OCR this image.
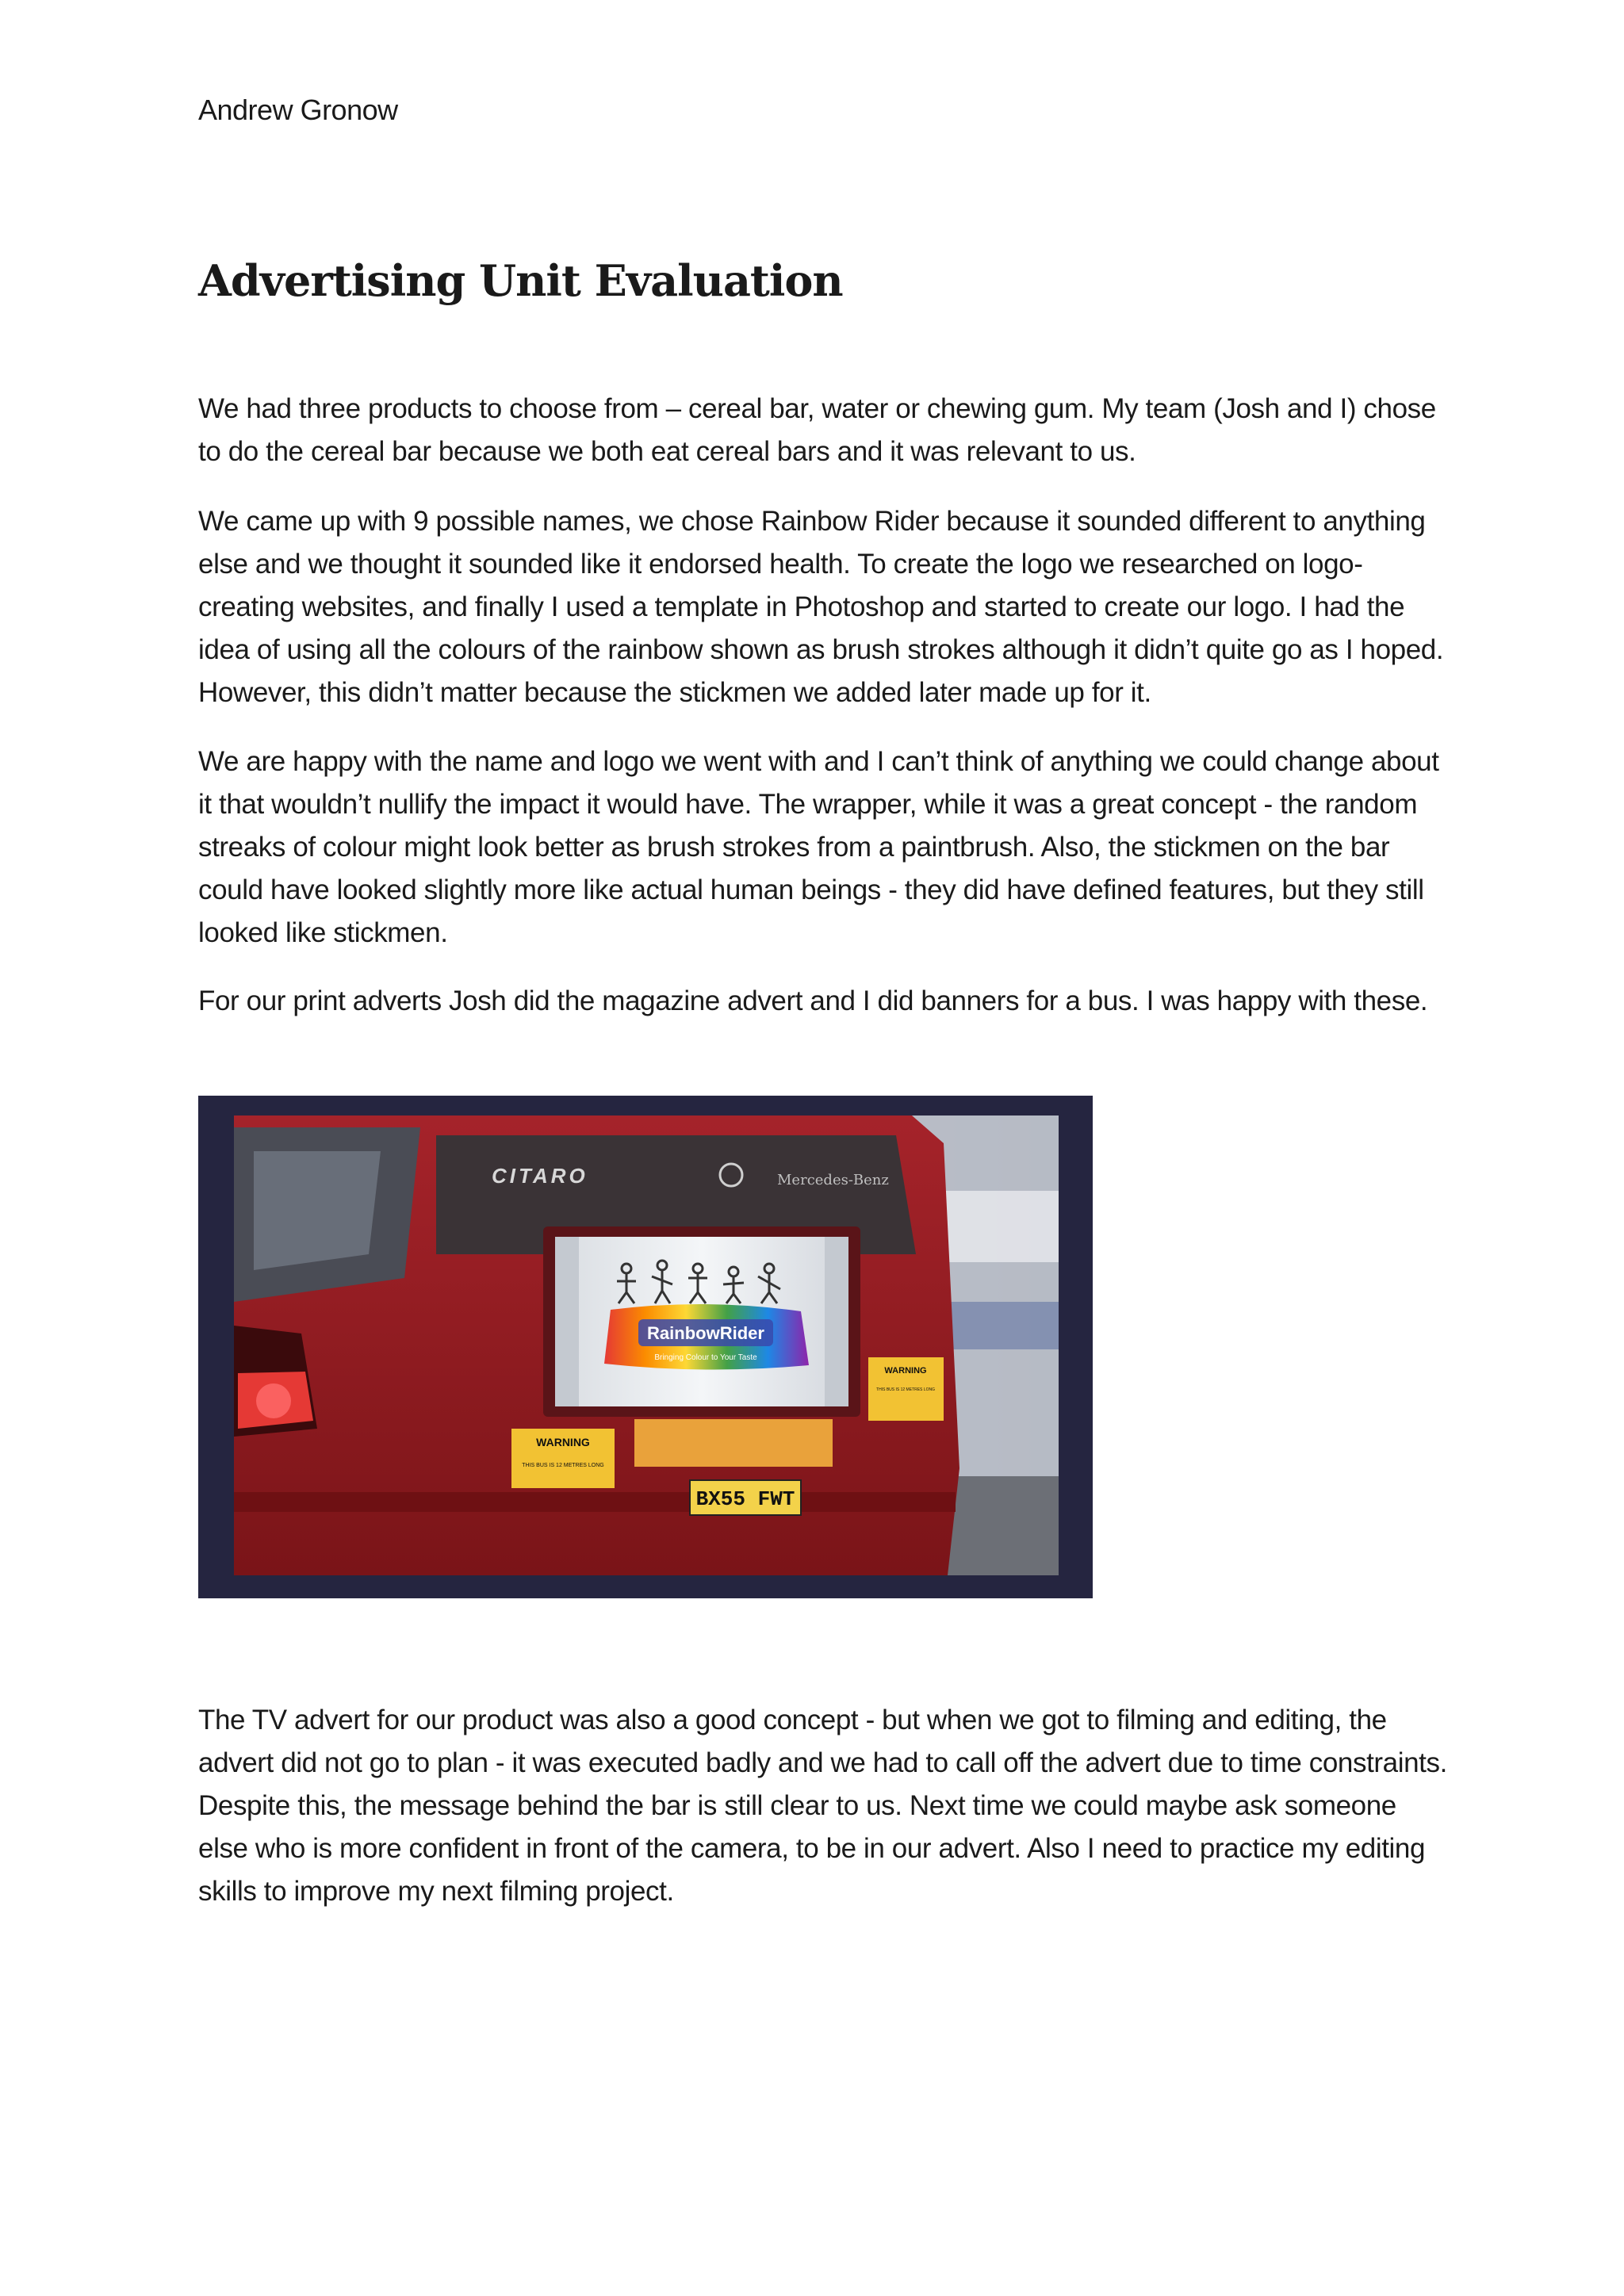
Andrew Gronow
Advertising Unit Evaluation

We had three products to choose from – cereal bar, water or chewing gum. My team (Josh and I) chose to do the cereal bar because we both eat cereal bars and it was relevant to us.

We came up with 9 possible names, we chose Rainbow Rider because it sounded different to anything else and we thought it sounded like it endorsed health. To create the logo we researched on logo-creating websites, and finally I used a template in Photoshop and started to create our logo. I had the idea of using all the colours of the rainbow shown as brush strokes although it didn’t quite go as I hoped. However, this didn’t matter because the stickmen we added later made up for it.

We are happy with the name and logo we went with and I can’t think of anything we could change about it that wouldn’t nullify the impact it would have. The wrapper, while it was a great concept - the random streaks of colour might look better as brush strokes from a paintbrush. Also, the stickmen on the bar could have looked slightly more like actual human beings - they did have defined features, but they still looked like stickmen.

For our print adverts Josh did the magazine advert and I did banners for a bus. I was happy with these.

CITARO	Mercedes-Benz
RainbowRider
Bringing Colour to Your Taste
WARNING
THIS BUS IS 12 METRES LONG
WARNING
THIS BUS IS 12 METRES LONG
BX55 FWT

The TV advert for our product was also a good concept - but when we got to filming and editing, the advert did not go to plan - it was executed badly and we had to call off the advert due to time constraints. Despite this, the message behind the bar is still clear to us. Next time we could maybe ask someone else who is more confident in front of the camera, to be in our advert. Also I need to practice my editing skills to improve my next filming project.
